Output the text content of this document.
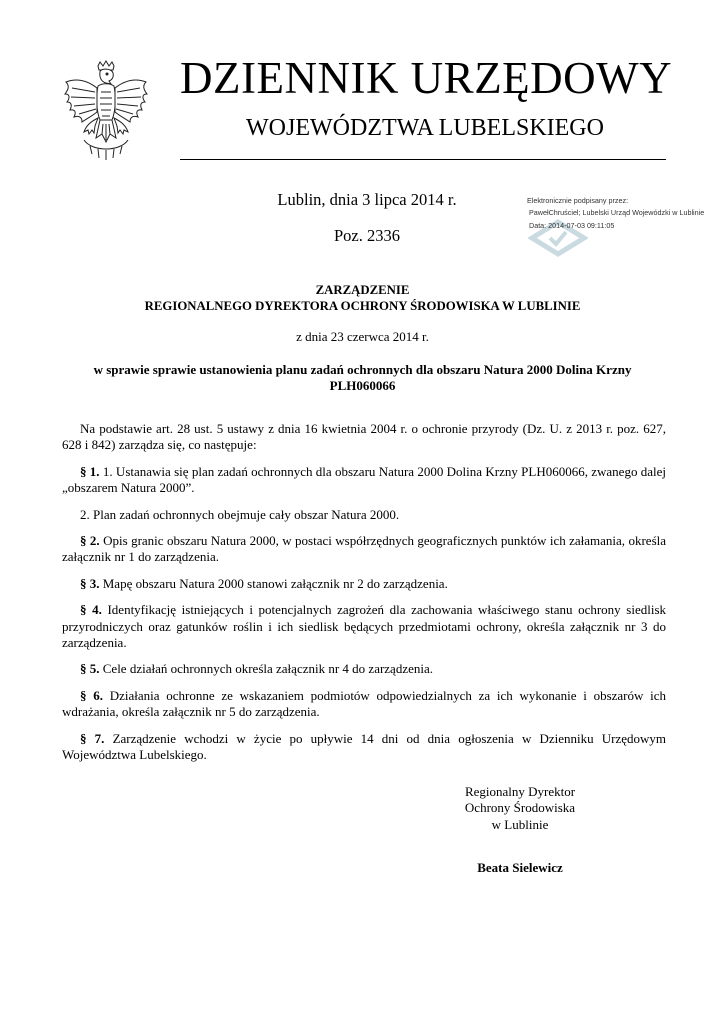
DZIENNIK URZĘDOWY
WOJEWÓDZTWA LUBELSKIEGO
Lublin, dnia 3 lipca 2014 r.
Poz. 2336
Elektronicznie podpisany przez:
PawełChruściel; Lubelski Urząd Wojewódzki w Lublinie
Data: 2014-07-03 09:11:05
ZARZĄDZENIE
REGIONALNEGO DYREKTORA OCHRONY ŚRODOWISKA W LUBLINIE
z dnia 23 czerwca 2014 r.
w sprawie sprawie ustanowienia planu zadań ochronnych dla obszaru Natura 2000 Dolina Krzny PLH060066

Na podstawie art. 28 ust. 5 ustawy z dnia 16 kwietnia 2004 r. o ochronie przyrody (Dz. U. z 2013 r. poz. 627, 628 i 842) zarządza się, co następuje:

§ 1. 1. Ustanawia się plan zadań ochronnych dla obszaru Natura 2000 Dolina Krzny PLH060066, zwanego dalej „obszarem Natura 2000”.

2. Plan zadań ochronnych obejmuje cały obszar Natura 2000.

§ 2. Opis granic obszaru Natura 2000, w postaci współrzędnych geograficznych punktów ich załamania, określa załącznik nr 1 do zarządzenia.

§ 3. Mapę obszaru Natura 2000 stanowi załącznik nr 2 do zarządzenia.

§ 4. Identyfikację istniejących i potencjalnych zagrożeń dla zachowania właściwego stanu ochrony siedlisk przyrodniczych oraz gatunków roślin i ich siedlisk będących przedmiotami ochrony, określa załącznik nr 3 do zarządzenia.

§ 5. Cele działań ochronnych określa załącznik nr 4 do zarządzenia.

§ 6. Działania ochronne ze wskazaniem podmiotów odpowiedzialnych za ich wykonanie i obszarów ich wdrażania, określa załącznik nr 5 do zarządzenia.

§ 7. Zarządzenie wchodzi w życie po upływie 14 dni od dnia ogłoszenia w Dzienniku Urzędowym Województwa Lubelskiego.

Regionalny Dyrektor
Ochrony Środowiska
w Lublinie
Beata Sielewicz
